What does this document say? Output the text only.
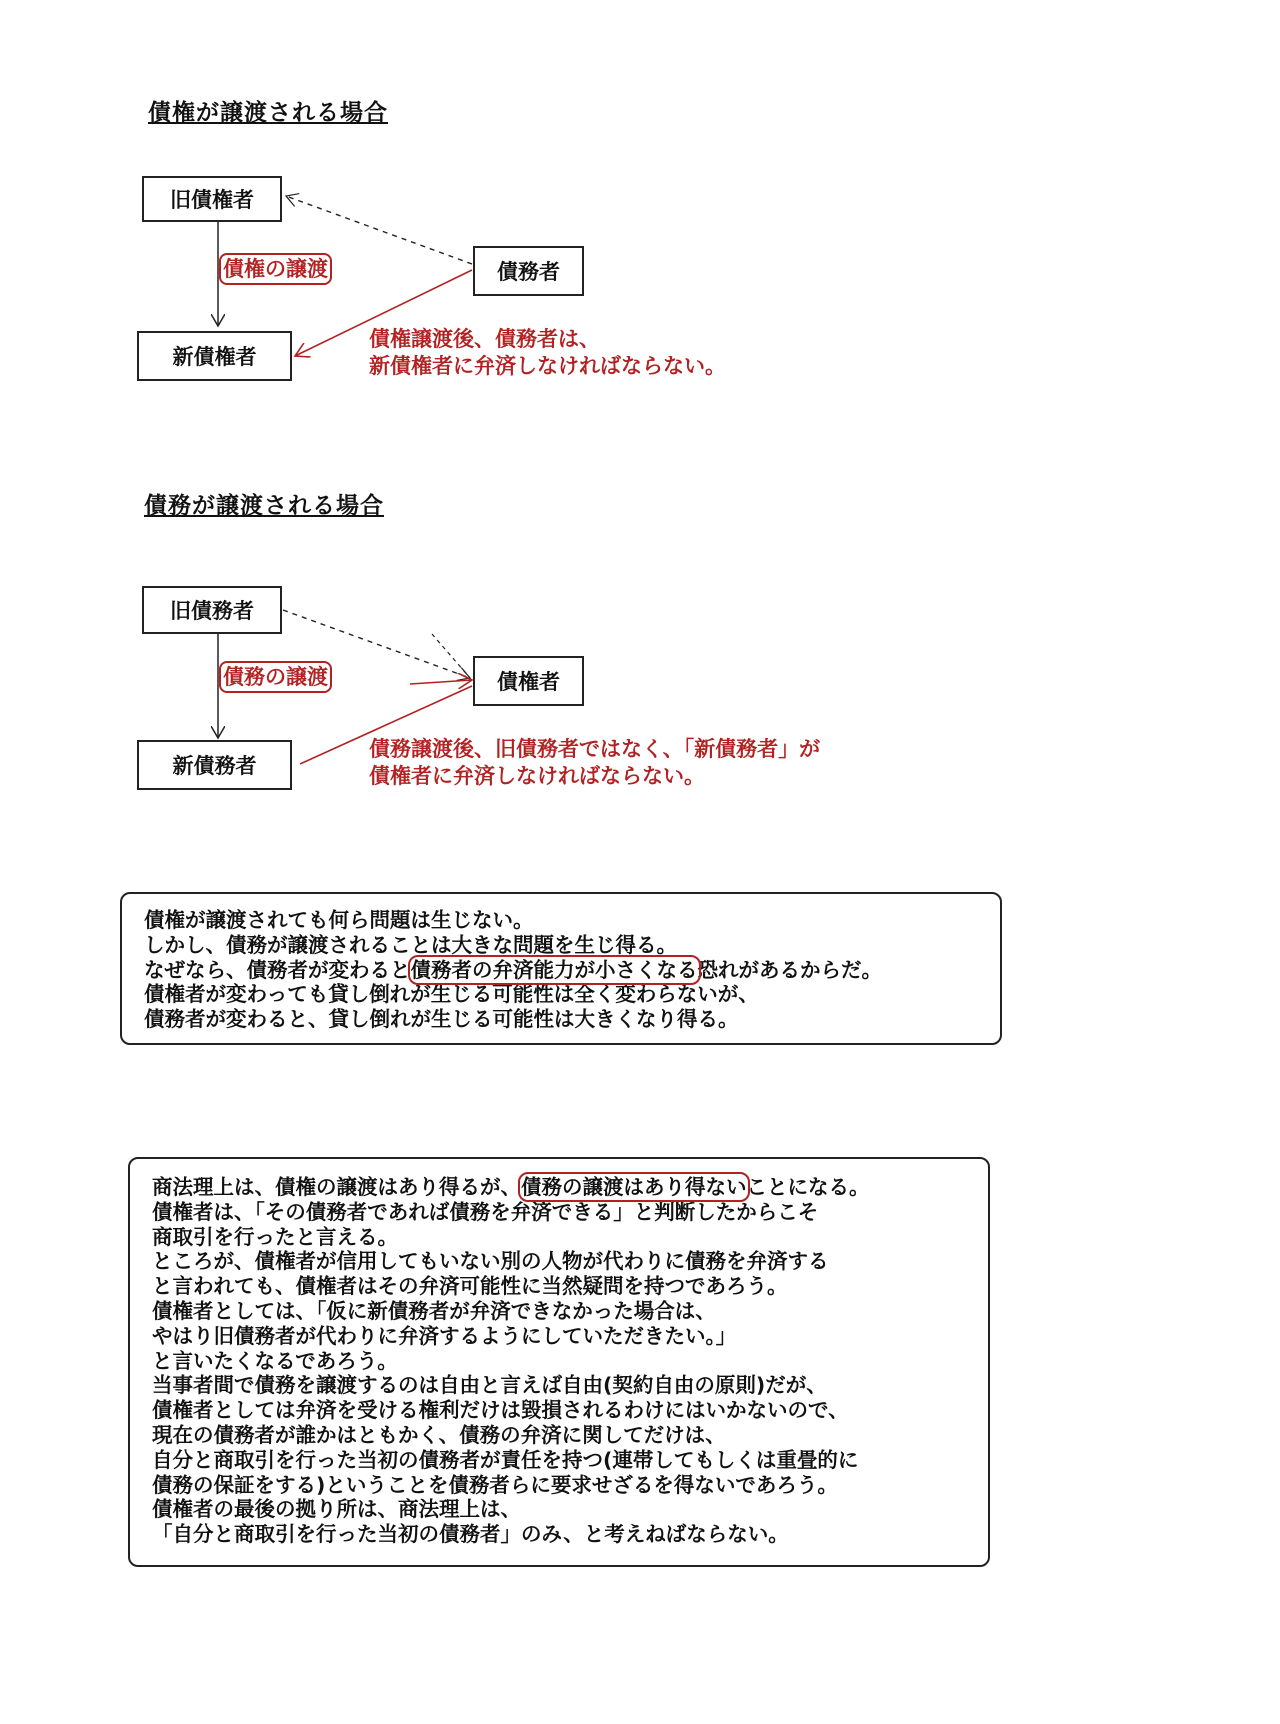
債権が譲渡される場合
旧債権者
新債権者
債務者
債権の譲渡
債権譲渡後、債務者は、
新債権者に弁済しなければならない。
債務が譲渡される場合
旧債務者
新債務者
債権者
債務の譲渡
債務譲渡後、旧債務者ではなく、「新債務者」が
債権者に弁済しなければならない。
債権が譲渡されても何ら問題は生じない。
しかし、債務が譲渡されることは大きな問題を生じ得る。
なぜなら、債務者が変わると債務者の弁済能力が小さくなる恐れがあるからだ。
債権者が変わっても貸し倒れが生じる可能性は全く変わらないが、
債務者が変わると、貸し倒れが生じる可能性は大きくなり得る。
商法理上は、債権の譲渡はあり得るが、債務の譲渡はあり得ないことになる。
債権者は、「その債務者であれば債務を弁済できる」と判断したからこそ
商取引を行ったと言える。
ところが、債権者が信用してもいない別の人物が代わりに債務を弁済する
と言われても、債権者はその弁済可能性に当然疑問を持つであろう。
債権者としては、「仮に新債務者が弁済できなかった場合は、
やはり旧債務者が代わりに弁済するようにしていただきたい。」
と言いたくなるであろう。
当事者間で債務を譲渡するのは自由と言えば自由(契約自由の原則)だが、
債権者としては弁済を受ける権利だけは毀損されるわけにはいかないので、
現在の債務者が誰かはともかく、債務の弁済に関してだけは、
自分と商取引を行った当初の債務者が責任を持つ(連帯してもしくは重畳的に
債務の保証をする)ということを債務者らに要求せざるを得ないであろう。
債権者の最後の拠り所は、商法理上は、
「自分と商取引を行った当初の債務者」のみ、と考えねばならない。
